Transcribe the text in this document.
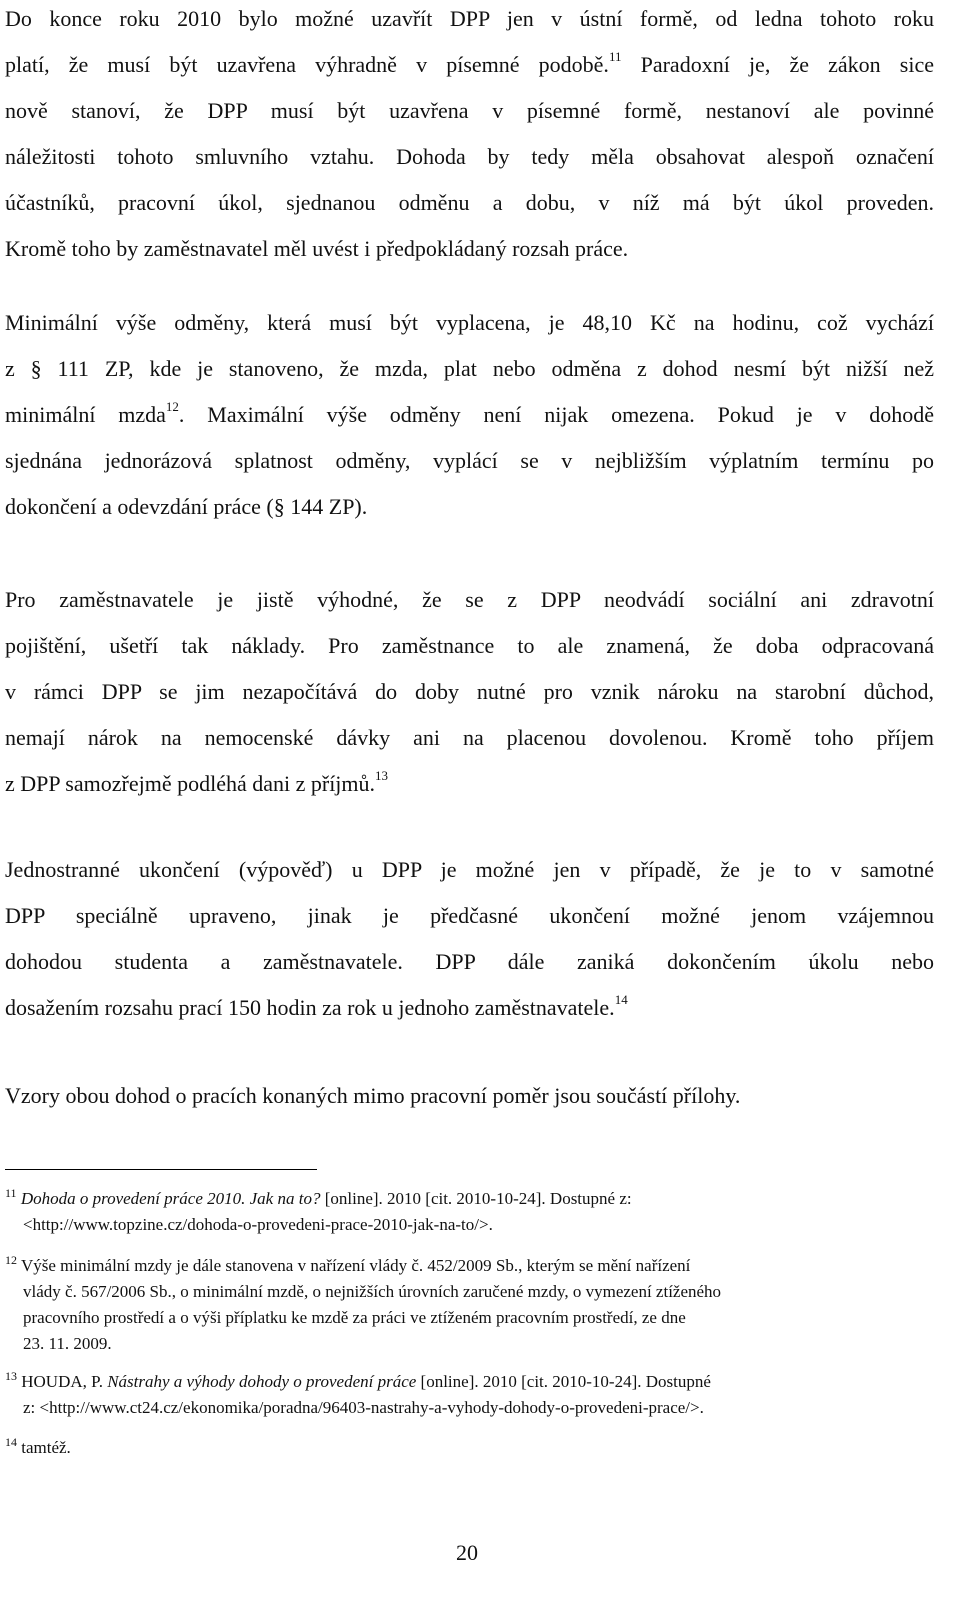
Do konce roku 2010 bylo možné uzavřít DPP jen v ústní formě, od ledna tohoto roku
platí, že musí být uzavřena výhradně v písemné podobě.$^{11}$ Paradoxní je, že zákon sice
nově stanoví, že DPP musí být uzavřena v písemné formě, nestanoví ale povinné
náležitosti tohoto smluvního vztahu. Dohoda by tedy měla obsahovat alespoň označení
účastníků, pracovní úkol, sjednanou odměnu a dobu, v níž má být úkol proveden.
Kromě toho by zaměstnavatel měl uvést i předpokládaný rozsah práce.
Minimální výše odměny, která musí být vyplacena, je 48,10 Kč na hodinu, což vychází
z § 111 ZP, kde je stanoveno, že mzda, plat nebo odměna z dohod nesmí být nižší než
minimální mzda$^{12}$. Maximální výše odměny není nijak omezena. Pokud je v dohodě
sjednána jednorázová splatnost odměny, vyplácí se v nejbližším výplatním termínu po
dokončení a odevzdání práce (§ 144 ZP).
Pro zaměstnavatele je jistě výhodné, že se z DPP neodvádí sociální ani zdravotní
pojištění, ušetří tak náklady. Pro zaměstnance to ale znamená, že doba odpracovaná
v rámci DPP se jim nezapočítává do doby nutné pro vznik nároku na starobní důchod,
nemají nárok na nemocenské dávky ani na placenou dovolenou. Kromě toho příjem
z DPP samozřejmě podléhá dani z příjmů.$^{13}$
Jednostranné ukončení (výpověď) u DPP je možné jen v případě, že je to v samotné
DPP speciálně upraveno, jinak je předčasné ukončení možné jenom vzájemnou
dohodou studenta a zaměstnavatele. DPP dále zaniká dokončením úkolu nebo
dosažením rozsahu prací 150 hodin za rok u jednoho zaměstnavatele.$^{14}$
Vzory obou dohod o pracích konaných mimo pracovní poměr jsou součástí přílohy.
$^{11}$ Dohoda o provedení práce 2010. Jak na to? [online]. 2010 [cit. 2010-10-24]. Dostupné z:
<http://www.topzine.cz/dohoda-o-provedeni-prace-2010-jak-na-to/>.
$^{12}$ Výše minimální mzdy je dále stanovena v nařízení vlády č. 452/2009 Sb., kterým se mění nařízení
vlády č. 567/2006 Sb., o minimální mzdě, o nejnižších úrovních zaručené mzdy, o vymezení ztíženého
pracovního prostředí a o výši příplatku ke mzdě za práci ve ztíženém pracovním prostředí, ze dne
23. 11. 2009.
$^{13}$ HOUDA, P. Nástrahy a výhody dohody o provedení práce [online]. 2010 [cit. 2010-10-24]. Dostupné
z: <http://www.ct24.cz/ekonomika/poradna/96403-nastrahy-a-vyhody-dohody-o-provedeni-prace/>.
$^{14}$ tamtéž.
20
